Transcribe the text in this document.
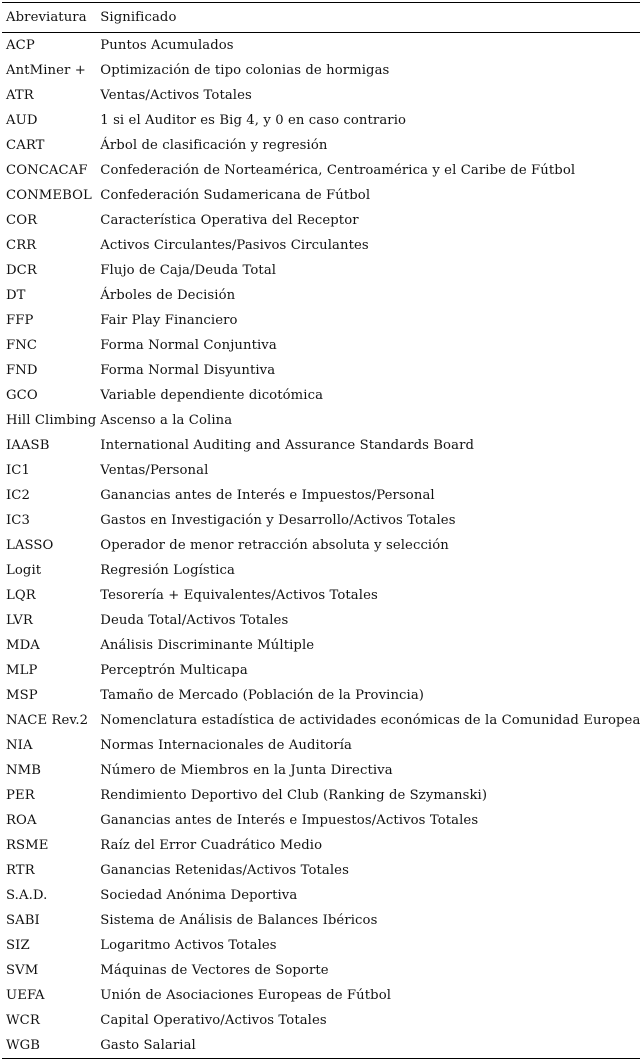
Abreviatura	Significado
ACP	Puntos Acumulados
AntMiner +	Optimización de tipo colonias de hormigas
ATR	Ventas/Activos Totales
AUD	1 si el Auditor es Big 4, y 0 en caso contrario
CART	Árbol de clasificación y regresión
CONCACAF	Confederación de Norteamérica, Centroamérica y el Caribe de Fútbol
CONMEBOL	Confederación Sudamericana de Fútbol
COR	Característica Operativa del Receptor
CRR	Activos Circulantes/Pasivos Circulantes
DCR	Flujo de Caja/Deuda Total
DT	Árboles de Decisión
FFP	Fair Play Financiero
FNC	Forma Normal Conjuntiva
FND	Forma Normal Disyuntiva
GCO	Variable dependiente dicotómica
Hill Climbing	Ascenso a la Colina
IAASB	International Auditing and Assurance Standards Board
IC1	Ventas/Personal
IC2	Ganancias antes de Interés e Impuestos/Personal
IC3	Gastos en Investigación y Desarrollo/Activos Totales
LASSO	Operador de menor retracción absoluta y selección
Logit	Regresión Logística
LQR	Tesorería + Equivalentes/Activos Totales
LVR	Deuda Total/Activos Totales
MDA	Análisis Discriminante Múltiple
MLP	Perceptrón Multicapa
MSP	Tamaño de Mercado (Población de la Provincia)
NACE Rev.2	Nomenclatura estadística de actividades económicas de la Comunidad Europea
NIA	Normas Internacionales de Auditoría
NMB	Número de Miembros en la Junta Directiva
PER	Rendimiento Deportivo del Club (Ranking de Szymanski)
ROA	Ganancias antes de Interés e Impuestos/Activos Totales
RSME	Raíz del Error Cuadrático Medio
RTR	Ganancias Retenidas/Activos Totales
S.A.D.	Sociedad Anónima Deportiva
SABI	Sistema de Análisis de Balances Ibéricos
SIZ	Logaritmo Activos Totales
SVM	Máquinas de Vectores de Soporte
UEFA	Unión de Asociaciones Europeas de Fútbol
WCR	Capital Operativo/Activos Totales
WGB	Gasto Salarial
